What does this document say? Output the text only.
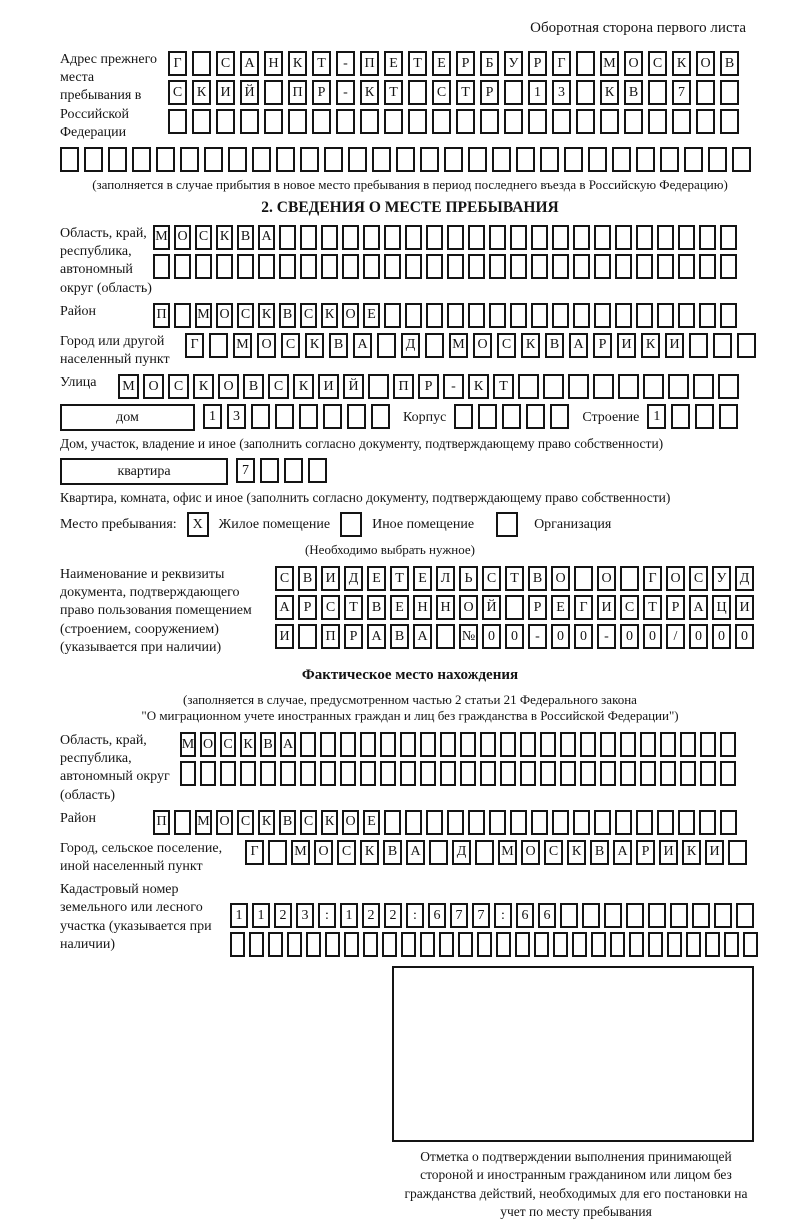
Оборотная сторона первого листа
Адрес прежнего места пребывания в Российской Федерации
Г	С	А Н	К	Т	-	П	Е	Т	Е	Р	Б	У	Р	Г	М О	С	К	О	В
С	К	И Й	П	Р	-	К	Т	С	Т	Р	1	3	К	В	7
(заполняется в случае прибытия в новое место пребывания в период последнего въезда в Российскую Федерацию)
2. СВЕДЕНИЯ О МЕСТЕ ПРЕБЫВАНИЯ
Область, край, республика, автономный округ (область)
М О С К В А
Район	П М О С К В С К О Е
Город или другой населенный пункт
Г	М О	С	К	В	А	Д	М О	С	К	В	А	Р	И	К	И
Улица	М О	С	К	О	В	С	К	И	Й	П	Р	-	К	Т
дом	1	3	Корпус	Строение	1
Дом, участок, владение и иное (заполнить согласно документу, подтверждающему право собственности)
квартира	7
Квартира, комната, офис и иное (заполнить согласно документу, подтверждающему право собственности)
Место пребывания:	X	Жилое помещение	Иное помещение	Организация
(Необходимо выбрать нужное)
Наименование и реквизиты документа, подтверждающего право пользования помещением (строением, сооружением) (указывается при наличии)
С В И Д Е	Т	Е Л	Ь	С	Т	В О	О	Г О С У Д
А	Р	С	Т	В	Е Н Н О Й	Р	Е	Г И С	Т	Р	А Ц И
И	П	Р	А В А	№ 0	0	-	0	0	-	0	0	/	0	0	0
Фактическое место нахождения
(заполняется в случае, предусмотренном частью 2 статьи 21 Федерального закона
"О миграционном учете иностранных граждан и лиц без гражданства в Российской Федерации")
Область, край, республика, автономный округ (область)
М О С К В А
Район	П М О С К В С К О Е
Город, сельское поселение, иной населенный пункт
Г	М О С К В А	Д	М О С К В А	Р	И К И
Кадастровый номер земельного или лесного участка (указывается при наличии)
1	1	2	3	:	1	2	2	:	6	7	7	:	6	6
Отметка о подтверждении выполнения принимающей стороной и иностранным гражданином или лицом без гражданства действий, необходимых для его постановки на учет по месту пребывания
